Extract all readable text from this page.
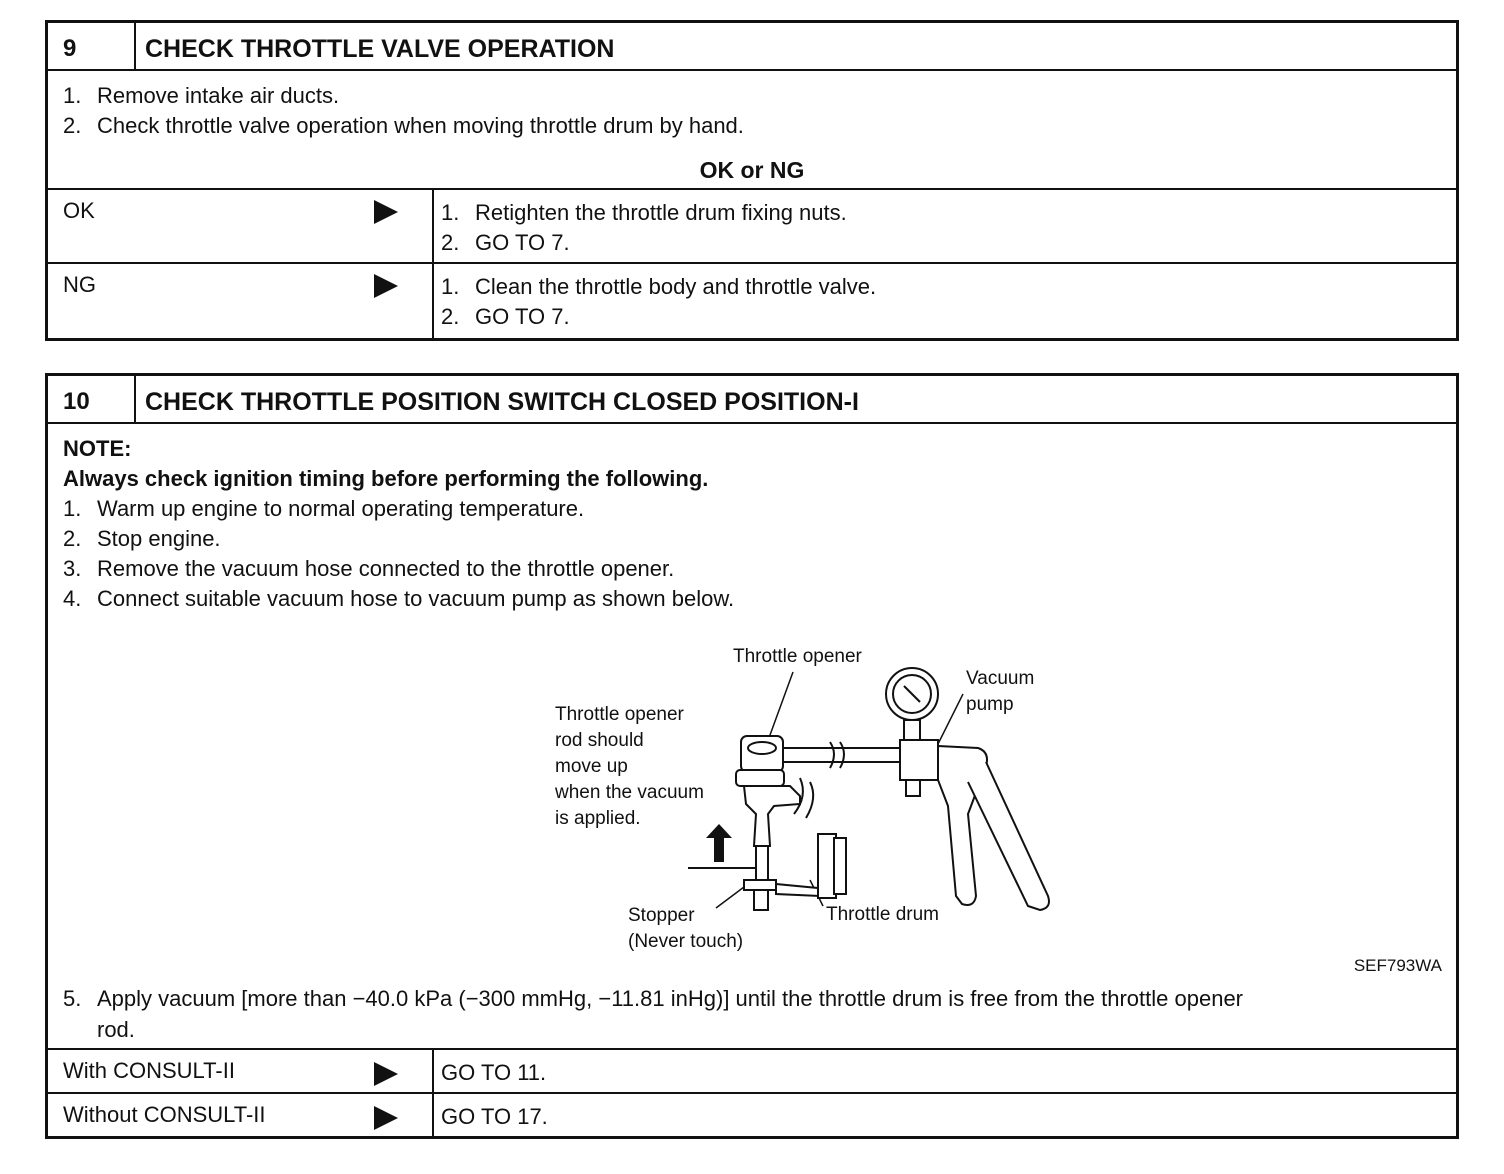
9	CHECK THROTTLE VALVE OPERATION
1. Remove intake air ducts.
2. Check throttle valve operation when moving throttle drum by hand.
OK or NG
OK	1. Retighten the throttle drum fixing nuts.
2. GO TO 7.
NG	1. Clean the throttle body and throttle valve.
2. GO TO 7.
10	CHECK THROTTLE POSITION SWITCH CLOSED POSITION-I
NOTE:
Always check ignition timing before performing the following.
1. Warm up engine to normal operating temperature.
2. Stop engine.
3. Remove the vacuum hose connected to the throttle opener.
4. Connect suitable vacuum hose to vacuum pump as shown below.
Throttle opener
Vacuum
pump
Throttle opener
rod should
move up
when the vacuum
is applied.
Stopper
(Never touch)
Throttle drum
SEF793WA
5. Apply vacuum [more than −40.0 kPa (−300 mmHg, −11.81 inHg)] until the throttle drum is free from the throttle opener
rod.
With CONSULT-II	GO TO 11.
Without CONSULT-II	GO TO 17.
